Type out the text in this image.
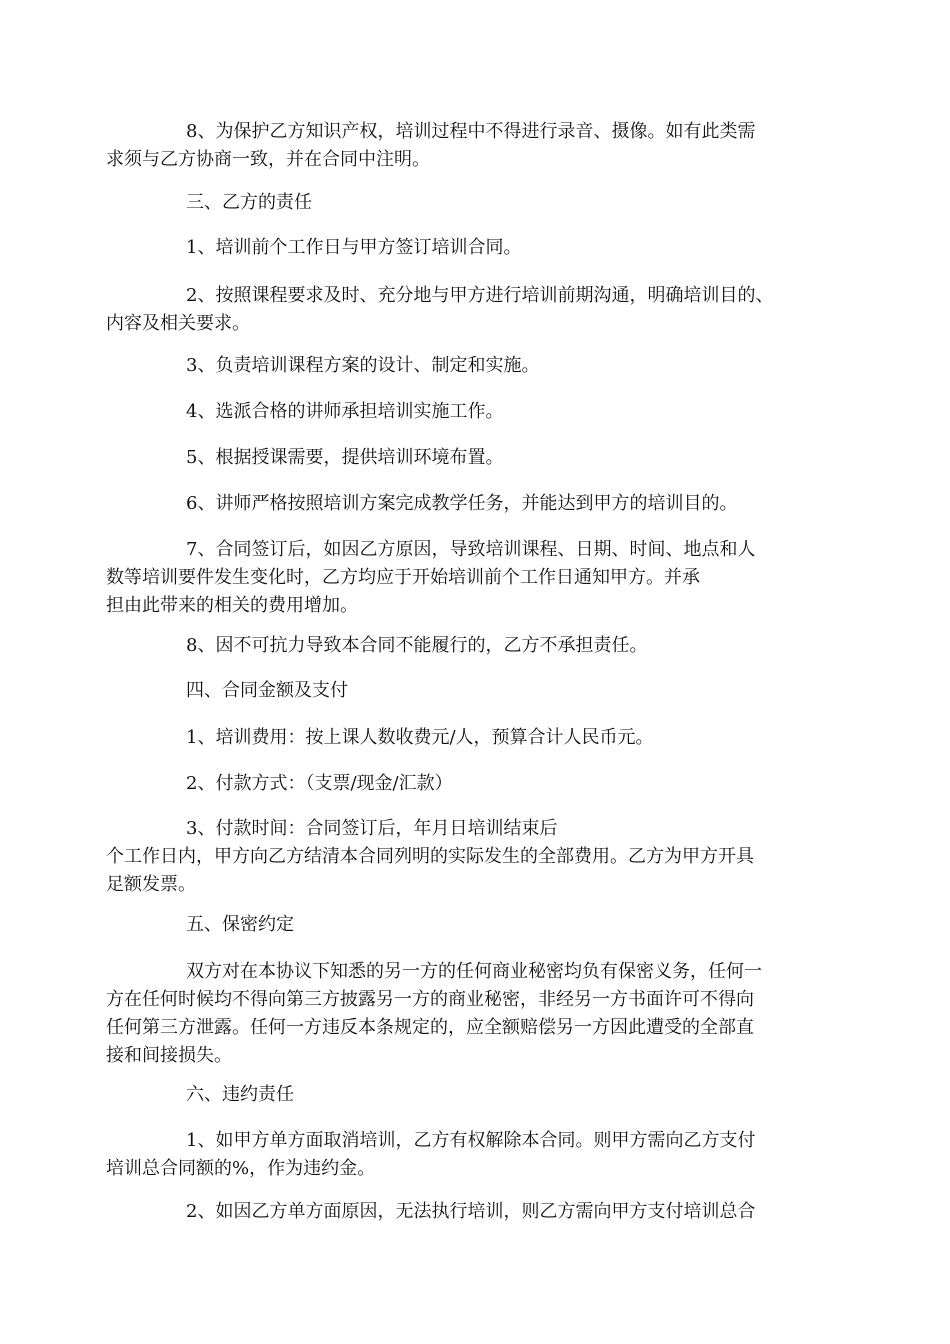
8、为保护乙方知识产权，培训过程中不得进行录音、摄像。如有此类需
求须与乙方协商一致，并在合同中注明。
三、乙方的责任
1、培训前个工作日与甲方签订培训合同。
2、按照课程要求及时、充分地与甲方进行培训前期沟通，明确培训目的、
内容及相关要求。
3、负责培训课程方案的设计、制定和实施。
4、选派合格的讲师承担培训实施工作。
5、根据授课需要，提供培训环境布置。
6、讲师严格按照培训方案完成教学任务，并能达到甲方的培训目的。
7、合同签订后，如因乙方原因，导致培训课程、日期、时间、地点和人
数等培训要件发生变化时，乙方均应于开始培训前个工作日通知甲方。并承
担由此带来的相关的费用增加。
8、因不可抗力导致本合同不能履行的，乙方不承担责任。
四、合同金额及支付
1、培训费用：按上课人数收费元/人，预算合计人民币元。
2、付款方式：（支票/现金/汇款）
3、付款时间：合同签订后，年月日培训结束后
个工作日内，甲方向乙方结清本合同列明的实际发生的全部费用。乙方为甲方开具
足额发票。
五、保密约定
双方对在本协议下知悉的另一方的任何商业秘密均负有保密义务，任何一
方在任何时候均不得向第三方披露另一方的商业秘密，非经另一方书面许可不得向
任何第三方泄露。任何一方违反本条规定的，应全额赔偿另一方因此遭受的全部直
接和间接损失。
六、违约责任
1、如甲方单方面取消培训，乙方有权解除本合同。则甲方需向乙方支付
培训总合同额的%，作为违约金。
2、如因乙方单方面原因，无法执行培训，则乙方需向甲方支付培训总合
